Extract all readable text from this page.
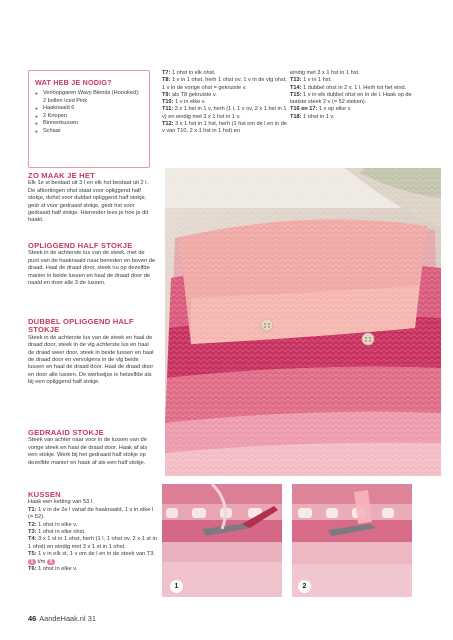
WAT HEB JE NODIG?
● Verloopgaren Wavy Blends (Hoooked): 2 bollen Iced Pink
● Haaknaald 6
● 2 Knopen
● Binnenkussen
● Schaar

T7: 1 ohst in elk ohst.

T8: 1 v in 1 ohst, herh 1 ohst ov, 1 v in de vlg ohst, 1 v in de vorige ohst = gekruiste v.

T9: als T8 gekruiste v.

T10: 1 v in elke v.

T11: 3 x 1 hst in 1 v, herh (1 l, 1 v ov, 2 x 1 hst in 1 v) en eindig met 3 x 1 hst in 1 v.

T12: 3 x 1 hst in 1 hst, herh (1 hst om de l en in de v van T10, 2 x 1 hst in 1 hst) en

eindig met 3 x 1 hst in 1 hst.

T13: 1 v in 1 hst.

T14: 1 dubbel ohst in 2 v, 1 l. Herh tot het eind.

T15: 1 v in elk dubbel ohst en in de l. Haak op de laatste steek 2 v (= 52 steken).

T16 en 17: 1 v op elke v.

T18: 1 ohst in 1 v.

ZO MAAK JE HET
Elk 1e st bestaat uit 3 l en elk hst bestaat uit 2 l. De afkortingen ohst staat voor opliggend half stokje, dohst voor dubbel opliggend half stokje, gedr st voor gedraaid stokje, gedr hst voor gedraaid half stokje. Hieronder lees je hoe je dit haakt.
OPLIGGEND HALF STOKJE
Steek in de achterste lus van de steek, met de punt van de haaknaald naar beneden en boven de draad. Haal de draad door, steek nu op dezelfde manier in beide lussen en haal de draad door de naald en door alle 3 de lussen.
DUBBEL OPLIGGEND HALF STOKJE
Steek in de achterste lus van de steek en haal de draad door, steek in de vlg achterste lus en haal de draad weer door, steek in beide lussen en haal de draad door en vervolgens in de vlg beide lussen en haal de draad door. Haal de draad door en door alle lussen. De werkwijze is hetzelfde als bij een opliggend half stokje.
GEDRAAID STOKJE
Steek van achter naar voor in de lussen van de vorige steek en haal de draad door. Haak af als een stokje. Werk bij het gedraaid half stokje op dezelfde manier en haak af als een half stokje.
KUSSEN
Haak een ketting van 53 l.
T1: 1 v in de 2e l vanaf de haaknaald, 1 v in elke l (= 52).
T2: 1 ohst in elke v.
T3: 1 ohst in elke ohst.
T4: 3 x 1 st in 1 ohst, herh (1 l, 1 ohst ov, 2 x 1 st in 1 ohst) en eindig met 3 x 1 st in 1 ohst.
T5: 1 v in elk st, 1 v om de l en in de steek van T3. 1 t/m 5
T6: 1 ohst in elke v.
1	2
46 AandeHaak.nl 31
